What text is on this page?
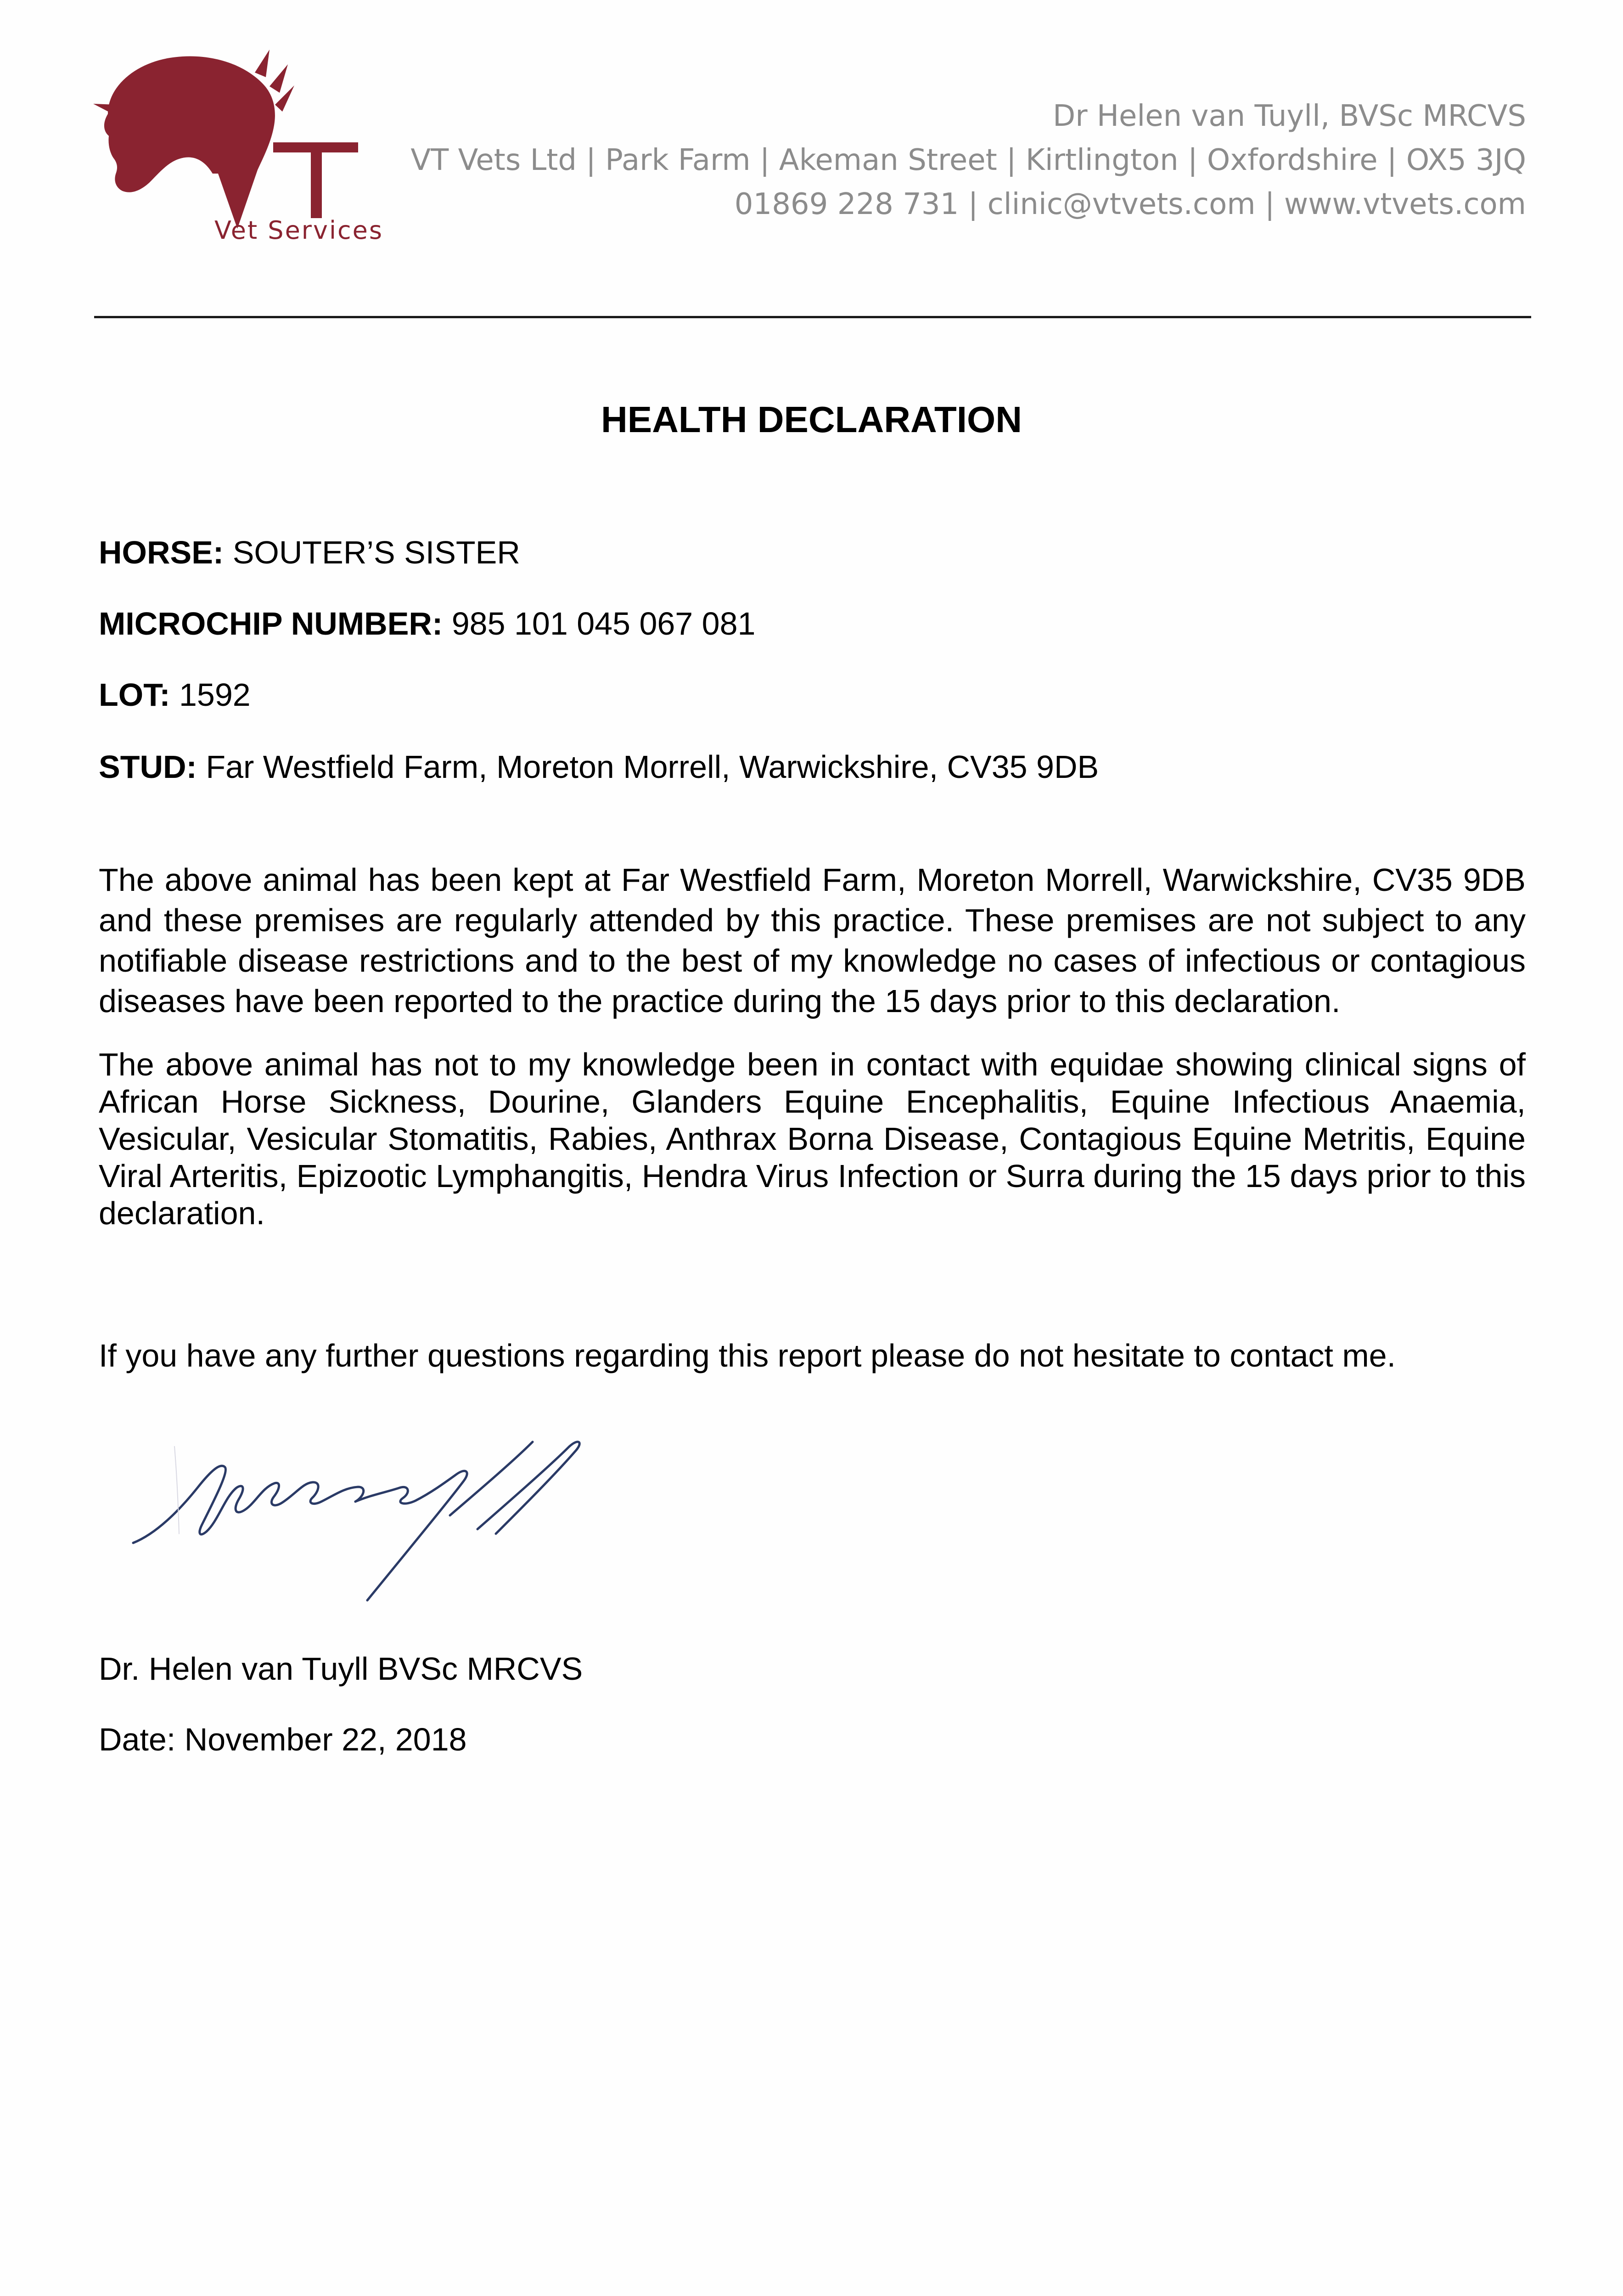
Vet Services
Dr Helen van Tuyll, BVSc MRCVS
VT Vets Ltd | Park Farm | Akeman Street | Kirtlington | Oxfordshire | OX5 3JQ
01869 228 731 | clinic@vtvets.com | www.vtvets.com
HEALTH DECLARATION
HORSE: SOUTER’S SISTER
MICROCHIP NUMBER: 985 101 045 067 081
LOT: 1592
STUD: Far Westfield Farm, Moreton Morrell, Warwickshire, CV35 9DB
The above animal has been kept at Far Westfield Farm, Moreton Morrell, Warwickshire, CV35 9DB and these premises are regularly attended by this practice. These premises are not subject to any notifiable disease restrictions and to the best of my knowledge no cases of infectious or contagious diseases have been reported to the practice during the 15 days prior to this declaration.
The above animal has not to my knowledge been in contact with equidae showing clinical signs of African Horse Sickness, Dourine, Glanders Equine Encephalitis, Equine Infectious Anaemia, Vesicular, Vesicular Stomatitis, Rabies, Anthrax Borna Disease, Contagious Equine Metritis, Equine Viral Arteritis, Epizootic Lymphangitis, Hendra Virus Infection or Surra during the 15 days prior to this declaration.
If you have any further questions regarding this report please do not hesitate to contact me.
Dr. Helen van Tuyll BVSc MRCVS
Date: November 22, 2018
